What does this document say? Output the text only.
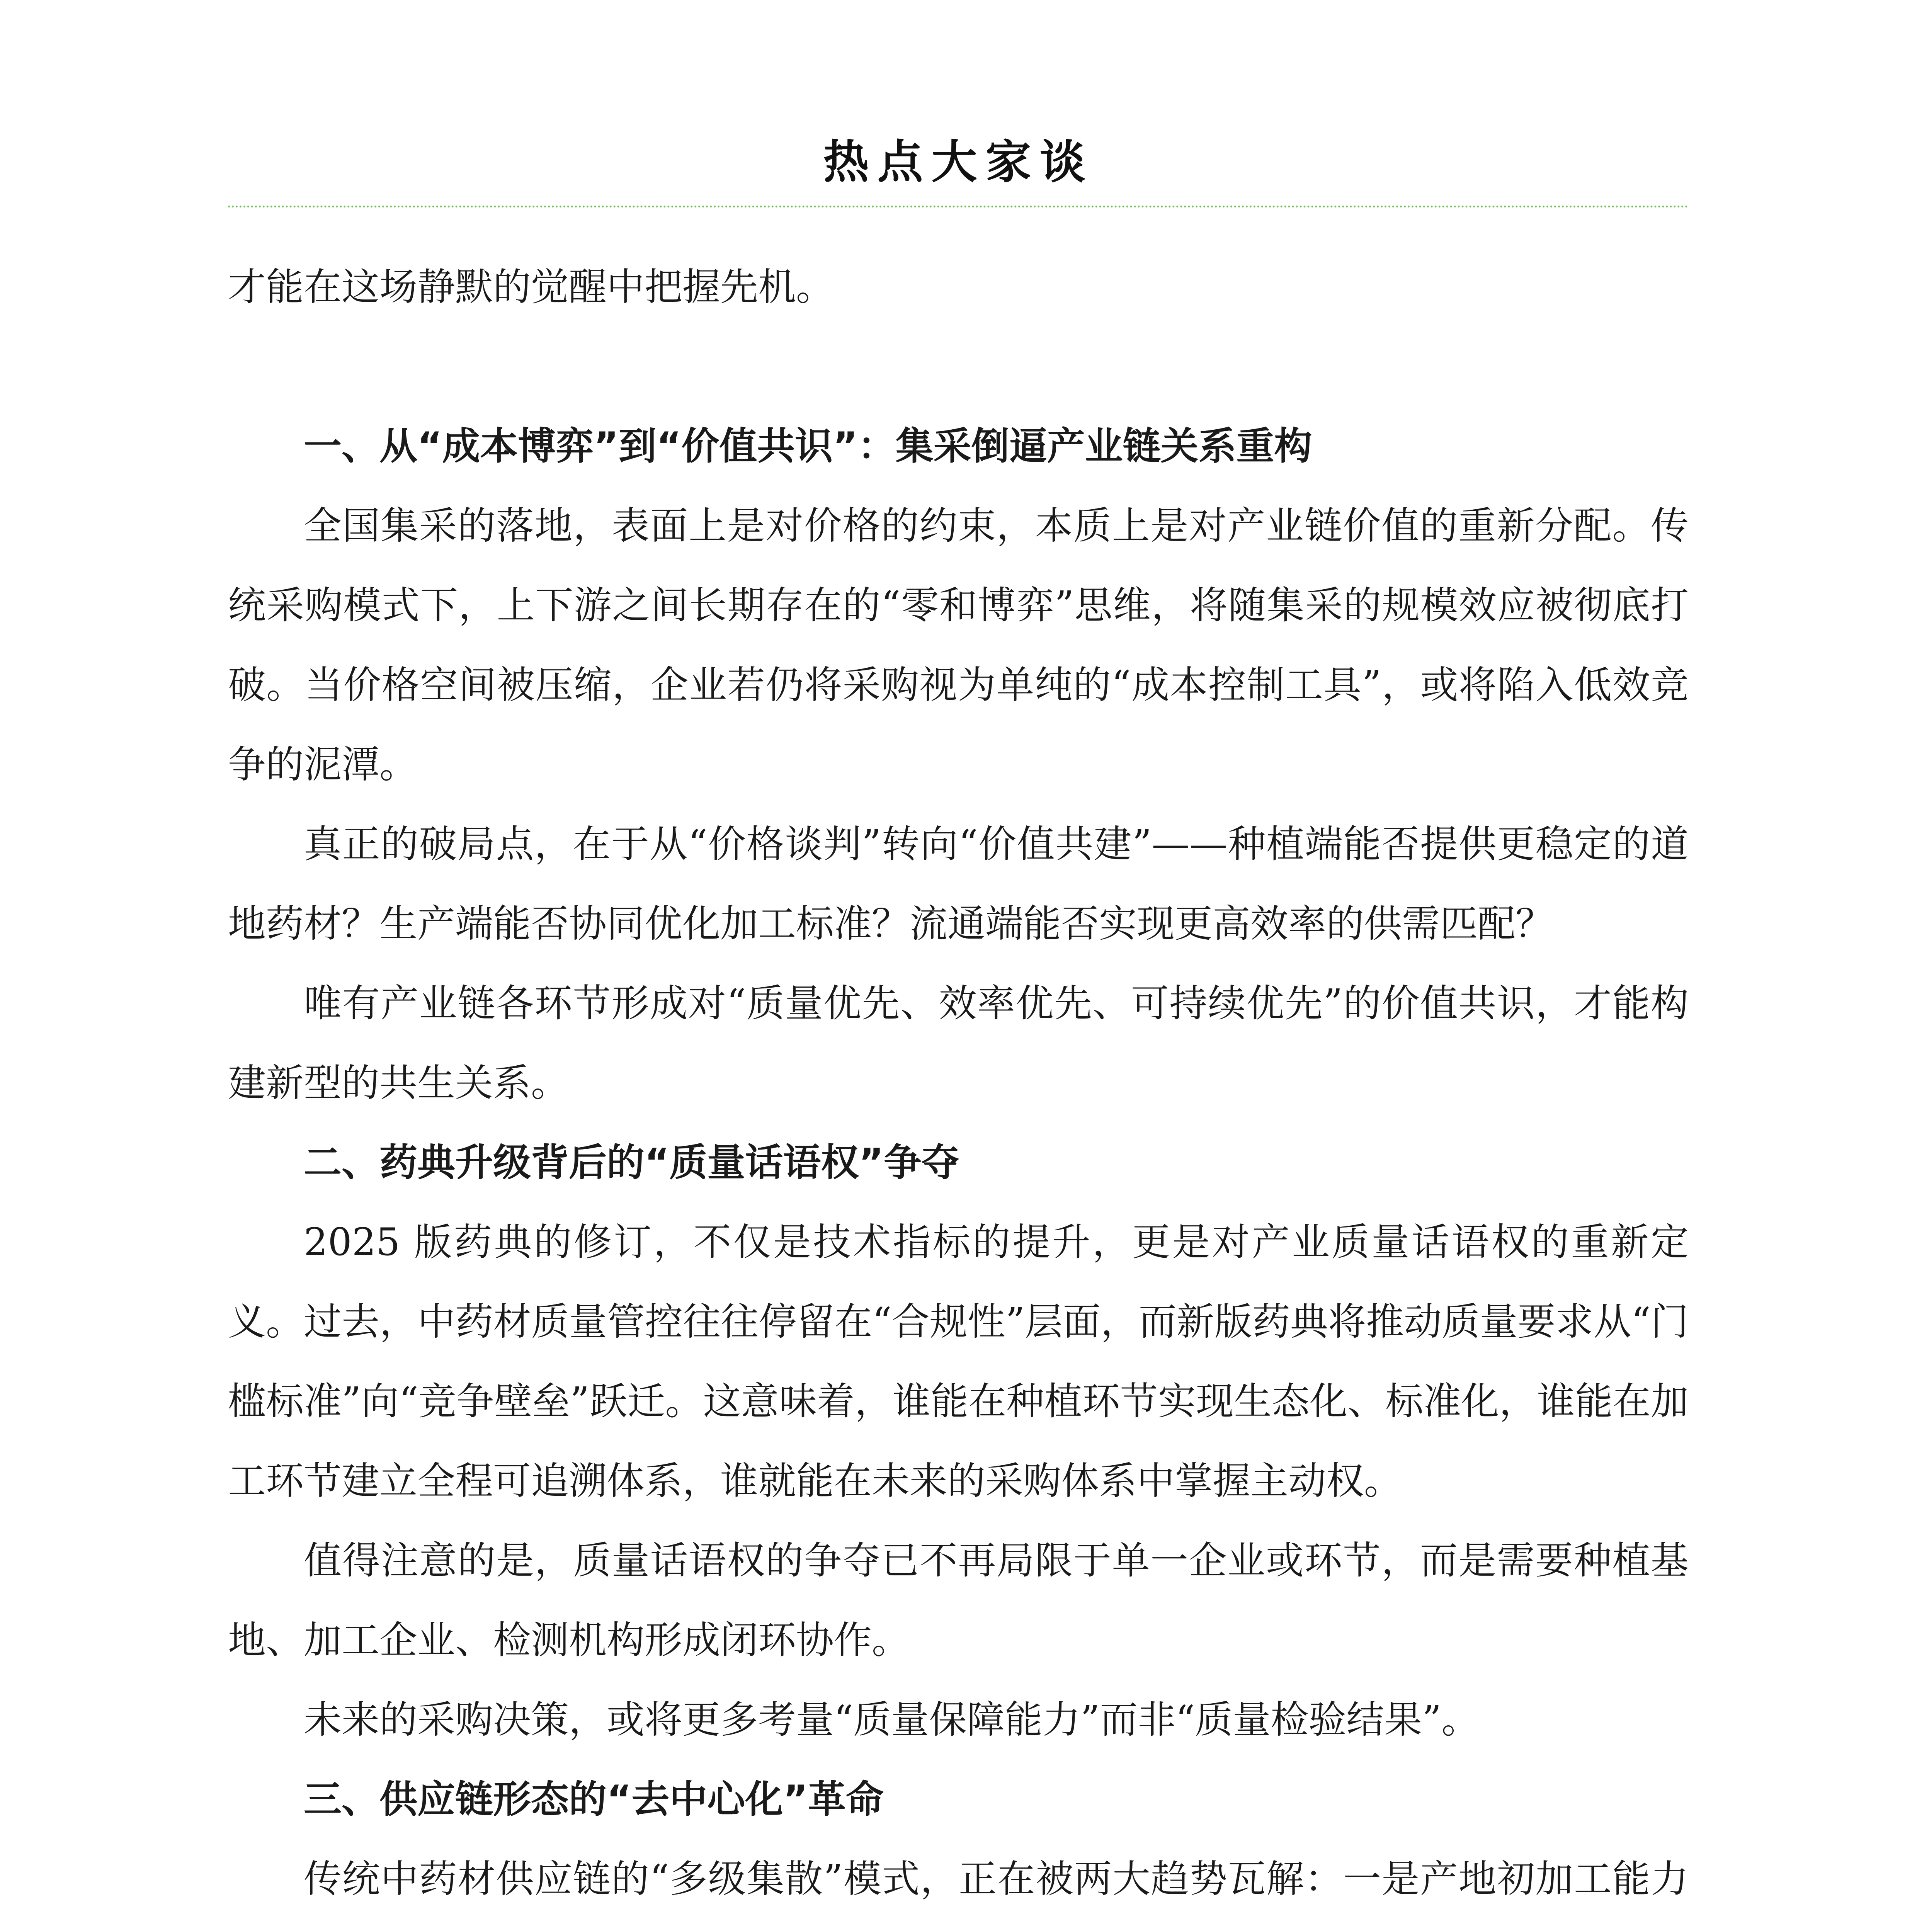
热点大家谈

才能在这场静默的觉醒中把握先机。

一、从“成本博弈”到“价值共识”：集采倒逼产业链关系重构

全国集采的落地，表面上是对价格的约束，本质上是对产业链价值的重新分配。传统采购模式下，上下游之间长期存在的“零和博弈”思维，将随集采的规模效应被彻底打破。当价格空间被压缩，企业若仍将采购视为单纯的“成本控制工具”，或将陷入低效竞争的泥潭。

真正的破局点，在于从“价格谈判”转向“价值共建”——种植端能否提供更稳定的道地药材？生产端能否协同优化加工标准？流通端能否实现更高效率的供需匹配？

唯有产业链各环节形成对“质量优先、效率优先、可持续优先”的价值共识，才能构建新型的共生关系。

二、药典升级背后的“质量话语权”争夺

2025 版药典的修订，不仅是技术指标的提升，更是对产业质量话语权的重新定义。过去，中药材质量管控往往停留在“合规性”层面，而新版药典将推动质量要求从“门槛标准”向“竞争壁垒”跃迁。这意味着，谁能在种植环节实现生态化、标准化，谁能在加工环节建立全程可追溯体系，谁就能在未来的采购体系中掌握主动权。

值得注意的是，质量话语权的争夺已不再局限于单一企业或环节，而是需要种植基地、加工企业、检测机构形成闭环协作。

未来的采购决策，或将更多考量“质量保障能力”而非“质量检验结果”。

三、供应链形态的“去中心化”革命

传统中药材供应链的“多级集散”模式，正在被两大趋势瓦解：一是产地初加工能力
